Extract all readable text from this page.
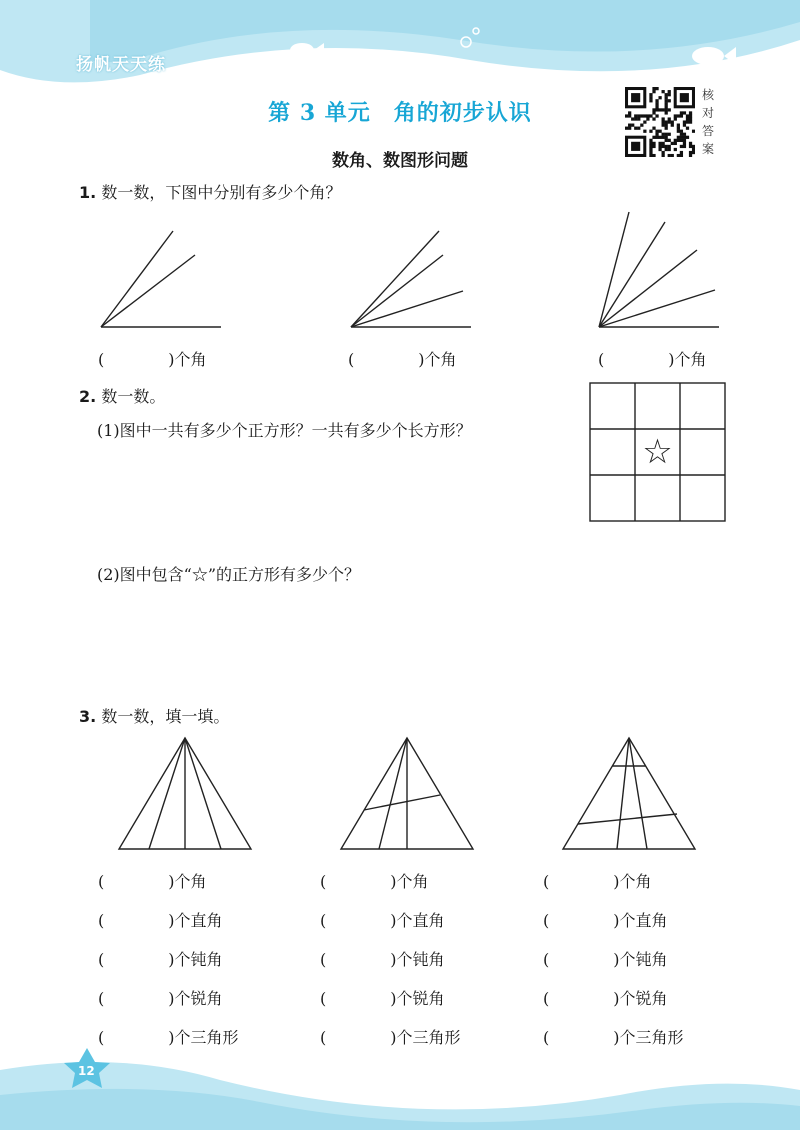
扬帆天天练
第 3 单元　角的初步认识
核
对
答
案
数角、数图形问题
1. 数一数，下图中分别有多少个角？
(　　　　)个角	(　　　　)个角	(　　　　)个角
2. 数一数。
(1)图中一共有多少个正方形？一共有多少个长方形？
☆
(2)图中包含“☆”的正方形有多少个？
3. 数一数，填一填。
(　　　　)个角	(　　　　)个角	(　　　　)个角
(　　　　)个直角	(　　　　)个直角	(　　　　)个直角
(　　　　)个钝角	(　　　　)个钝角	(　　　　)个钝角
(　　　　)个锐角	(　　　　)个锐角	(　　　　)个锐角
(　　　　)个三角形	(　　　　)个三角形	(　　　　)个三角形
12
